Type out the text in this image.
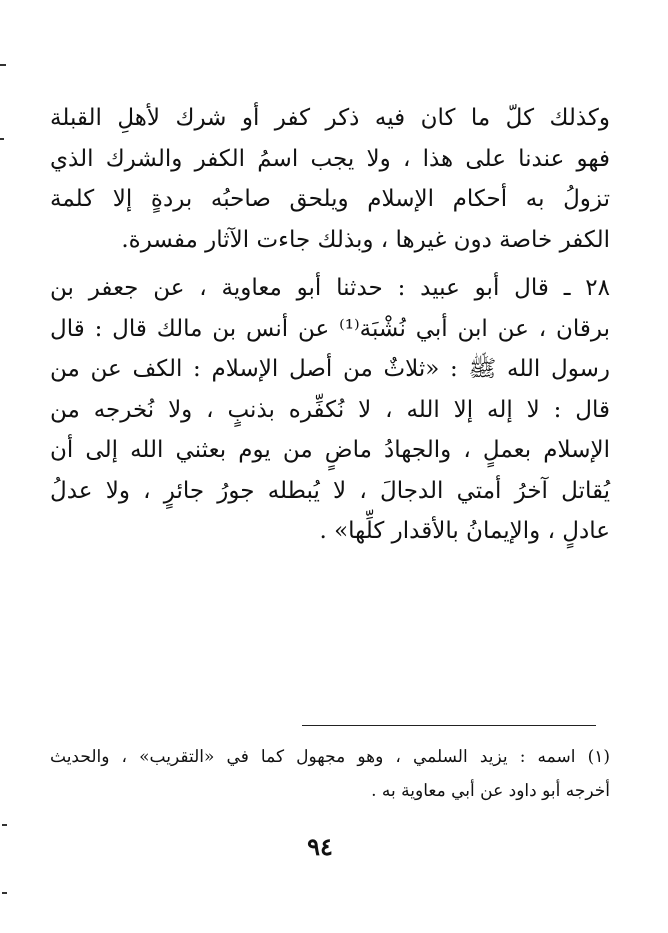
وكذلك كلّ ما كان فيه ذكر كفر أو شرك لأهلِ القبلة
فهو عندنا على هذا ، ولا يجب اسمُ الكفر والشرك الذي
تزولُ به أحكام الإسلام ويلحق صاحبُه بردةٍ إلا كلمة
الكفر خاصة دون غيرها ، وبذلك جاءت الآثار مفسرة.
٢٨ ـ قال أبو عبيد : حدثنا أبو معاوية ، عن جعفر بن
برقان ، عن ابن أبي نُشْبَة⁽¹⁾ عن أنس بن مالك قال : قال
رسول الله ﷺ : «ثلاثٌ من أصل الإسلام : الكف عن من
قال : لا إله إلا الله ، لا نُكفِّره بذنبٍ ، ولا نُخرجه من
الإسلام بعملٍ ، والجهادُ ماضٍ من يوم بعثني الله إلى أن
يُقاتل آخرُ أمتي الدجالَ ، لا يُبطله جورُ جائرٍ ، ولا عدلُ
عادلٍ ، والإيمانُ بالأقدار كلِّها» .
(١) اسمه : يزيد السلمي ، وهو مجهول كما في «التقريب» ، والحديث
أخرجه أبو داود عن أبي معاوية به .
٩٤
